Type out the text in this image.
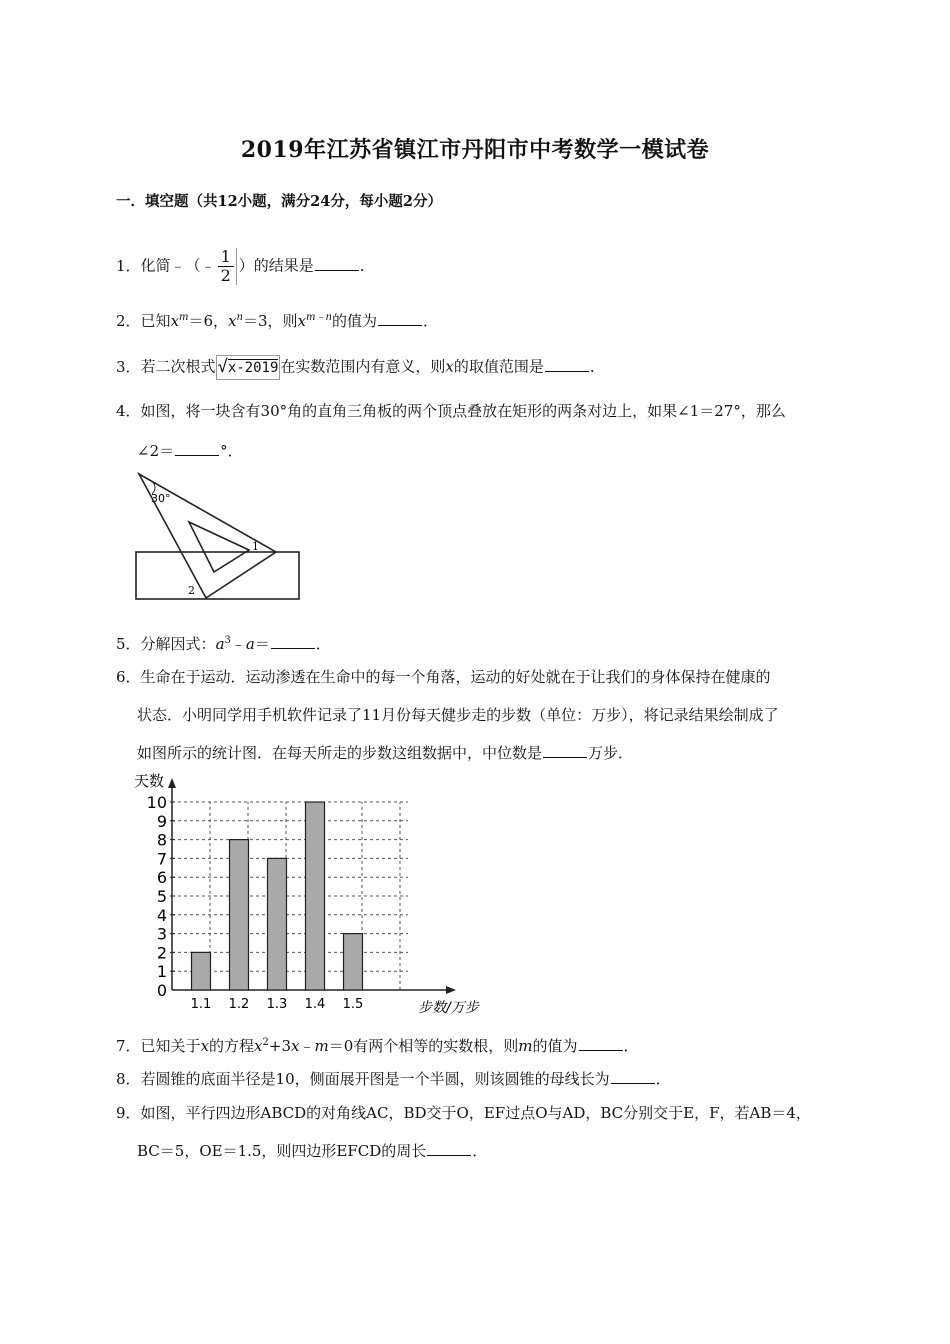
2019年江苏省镇江市丹阳市中考数学一模试卷
一．填空题（共12小题，满分24分，每小题2分）
1．化简﹣（﹣ $\frac{1}{2}$ ）的结果是	．
2．已知$x^m=6$，$x^n=3$，则$x^{m﹣n}$的值为	．
3．若二次根式 √x-2019 在实数范围内有意义，则x的取值范围是	．
4．如图，将一块含有30°角的直角三角板的两个顶点叠放在矩形的两条对边上，如果∠1＝27°，那么
∠2＝	°．
30°
1
2
5．分解因式：$a^3﹣a=$	．
6．生命在于运动．运动渗透在生命中的每一个角落，运动的好处就在于让我们的身体保持在健康的
状态．小明同学用手机软件记录了11月份每天健步走的步数（单位：万步），将记录结果绘制成了
如图所示的统计图．在每天所走的步数这组数据中，中位数是	万步．
0
1
2
3
4
5
6
7
8
9
10
1.1 1.2 1.3 1.4 1.5
天数
步数/万步
7．已知关于x的方程$x^2+3x﹣m=0$有两个相等的实数根，则m的值为	．
8．若圆锥的底面半径是10，侧面展开图是一个半圆，则该圆锥的母线长为	．
9．如图，平行四边形ABCD的对角线AC，BD交于O，EF过点O与AD，BC分别交于E，F，若AB＝4，
BC＝5，OE＝1.5，则四边形EFCD的周长	．
